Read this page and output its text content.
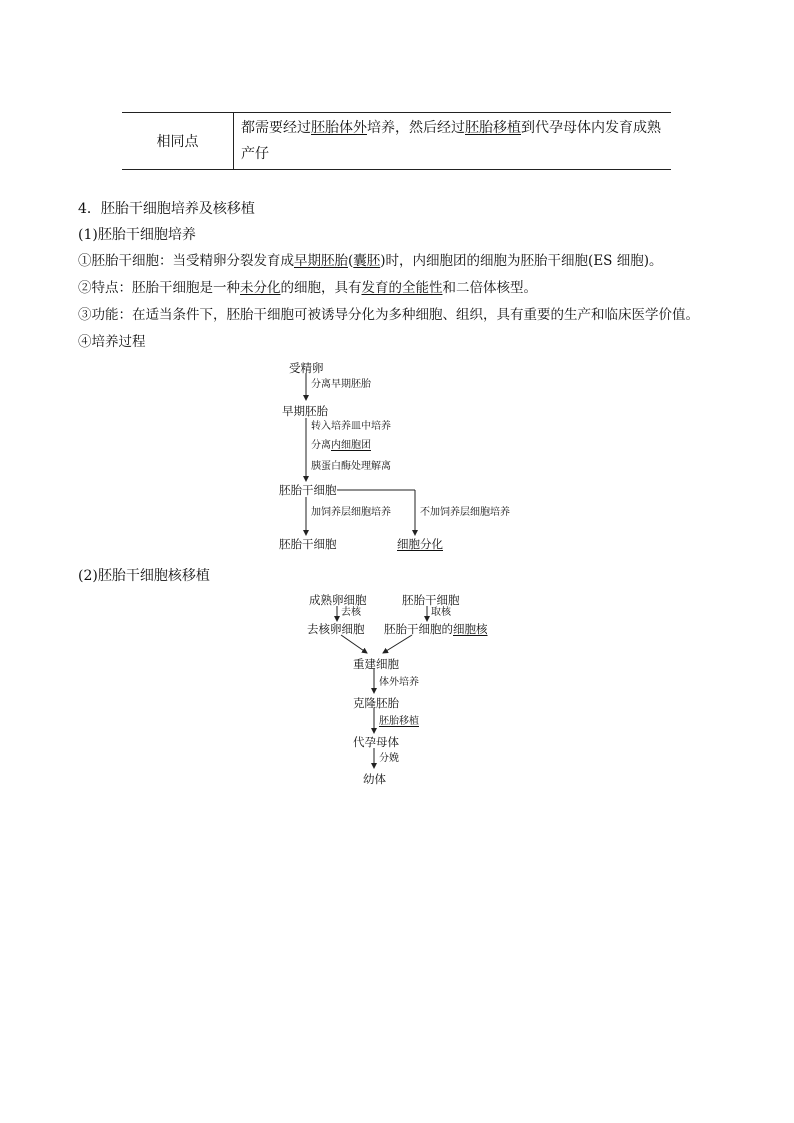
相同点
都需要经过胚胎体外培养，然后经过胚胎移植到代孕母体内发育成熟
产仔
4．胚胎干细胞培养及核移植
(1)胚胎干细胞培养
①胚胎干细胞：当受精卵分裂发育成早期胚胎(囊胚)时，内细胞团的细胞为胚胎干细胞(ES 细胞)。
②特点：胚胎干细胞是一种未分化的细胞，具有发育的全能性和二倍体核型。
③功能：在适当条件下，胚胎干细胞可被诱导分化为多种细胞、组织，具有重要的生产和临床医学价值。
④培养过程
受精卵
分离早期胚胎
早期胚胎
转入培养皿中培养
分离内细胞团
胰蛋白酶处理解离
胚胎干细胞
加饲养层细胞培养	不加饲养层细胞培养
胚胎干细胞	细胞分化
(2)胚胎干细胞核移植
成熟卵细胞
去核
胚胎干细胞
取核
去核卵细胞 胚胎干细胞的细胞核
重建细胞
体外培养
克隆胚胎
胚胎移植
代孕母体
分娩
幼体
